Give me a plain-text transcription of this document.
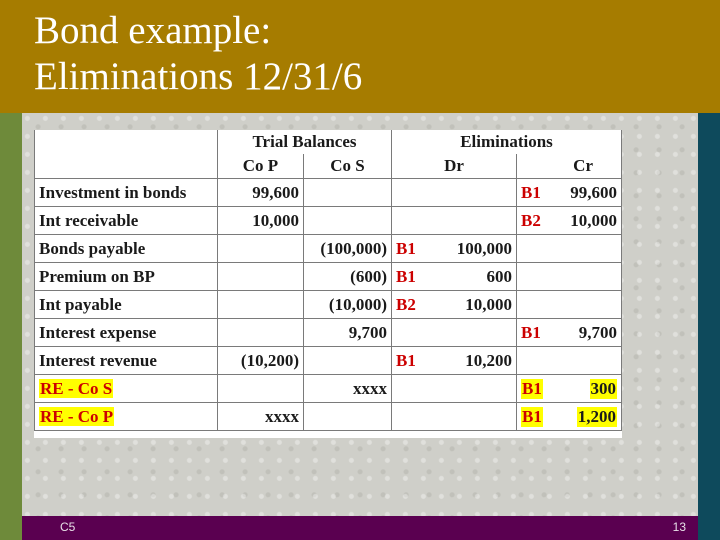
Bond example:
Eliminations 12/31/6
	Trial Balances		Eliminations	
	Co P	Co S	Dr	Cr
Investment in bonds	99,600			B1 99,600

Int receivable	10,000			B2 10,000

Bonds payable		(100,000)	B1 100,000	

Premium on BP		(600)	B1 600	

Int payable		(10,000)	B2 10,000	

Interest expense		9,700		B1 9,700

Interest revenue	(10,200)		B1 10,200	

RE - Co S		xxxx		B1 300

RE - Co P	xxxx			B1 1,200
C5	13
